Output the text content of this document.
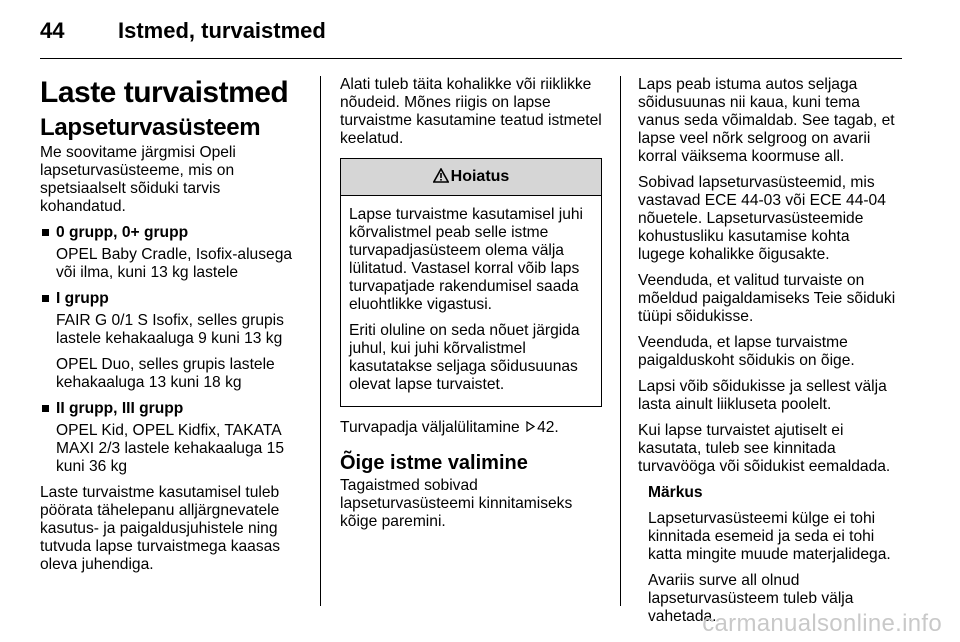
44	Istmed, turvaistmed
Laste turvaistmed
Lapseturvasüsteem

Me soovitame järgmisi Opeli lapseturvasüsteeme, mis on spetsiaalselt sõiduki tarvis kohandatud.

0 grupp, 0+ grupp

OPEL Baby Cradle, Isofix-alusega või ilma, kuni 13 kg lastele

I grupp

FAIR G 0/1 S Isofix, selles grupis lastele kehakaaluga 9 kuni 13 kg

OPEL Duo, selles grupis lastele kehakaaluga 13 kuni 18 kg

II grupp, III grupp

OPEL Kid, OPEL Kidfix, TAKATA MAXI 2/3 lastele kehakaaluga 15 kuni 36 kg

Laste turvaistme kasutamisel tuleb pöörata tähelepanu alljärgnevatele kasutus- ja paigaldusjuhistele ning tutvuda lapse turvaistmega kaasas oleva juhendiga.

Alati tuleb täita kohalikke või riiklikke nõudeid. Mõnes riigis on lapse turvaistme kasutamine teatud istmetel keelatud.

Hoiatus

Lapse turvaistme kasutamisel juhi kõrvalistmel peab selle istme turvapadjasüsteem olema välja lülitatud. Vastasel korral võib laps turvapatjade rakendumisel saada eluohtlikke vigastusi.

Eriti oluline on seda nõuet järgida juhul, kui juhi kõrvalistmel kasutatakse seljaga sõidusuunas olevat lapse turvaistet.

Turvapadja väljalülitamine 42.

Õige istme valimine

Tagaistmed sobivad lapseturvasüsteemi kinnitamiseks kõige paremini.

Laps peab istuma autos seljaga sõidusuunas nii kaua, kuni tema vanus seda võimaldab. See tagab, et lapse veel nõrk selgroog on avarii korral väiksema koormuse all.

Sobivad lapseturvasüsteemid, mis vastavad ECE 44-03 või ECE 44-04 nõuetele. Lapseturvasüsteemide kohustusliku kasutamise kohta lugege kohalikke õigusakte.

Veenduda, et valitud turvaiste on mõeldud paigaldamiseks Teie sõiduki tüüpi sõidukisse.

Veenduda, et lapse turvaistme paigalduskoht sõidukis on õige.

Lapsi võib sõidukisse ja sellest välja lasta ainult liikluseta poolelt.

Kui lapse turvaistet ajutiselt ei kasutata, tuleb see kinnitada turvavööga või sõidukist eemaldada.

Märkus

Lapseturvasüsteemi külge ei tohi kinnitada esemeid ja seda ei tohi katta mingite muude materjalidega.

Avariis surve all olnud lapseturvasüsteem tuleb välja vahetada.

carmanualsonline.info
